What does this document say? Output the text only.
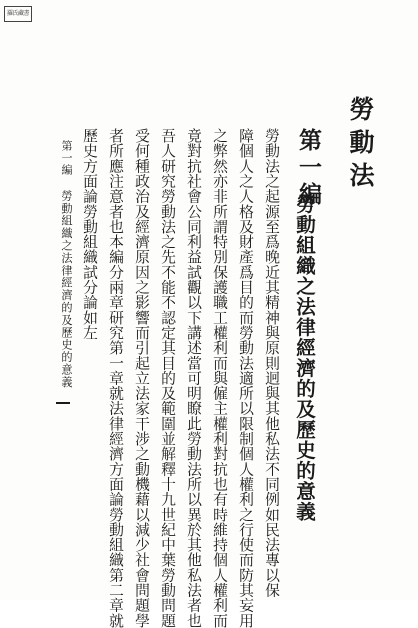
羅氏藏書
勞動法
第一編
勞動組織之法律經濟的及歷史的意義
勞動法之起源至爲晚近其精神與原則迥與其他私法不同例如民法專以保
障個人之人格及財產爲目的而勞動法適所以限制個人權利之行使而防其妄用
之弊然亦非所謂特別保護職工權利而與僱主權利對抗也有時維持個人權利而
竟對抗社會公同利益試觀以下講述當可明瞭此勞動法所以異於其他私法者也
吾人研究勞動法之先不能不認定其目的及範圍並解釋十九世紀中葉勞動問題
受何種政治及經濟原因之影響而引起立法家干涉之動機藉以減少社會問題學
者所應注意者也本編分兩章研究第一章就法律經濟方面論勞動組織第二章就
歷史方面論勞動組織試分論如左
第一編
勞動組織之法律經濟的及歷史的意義
